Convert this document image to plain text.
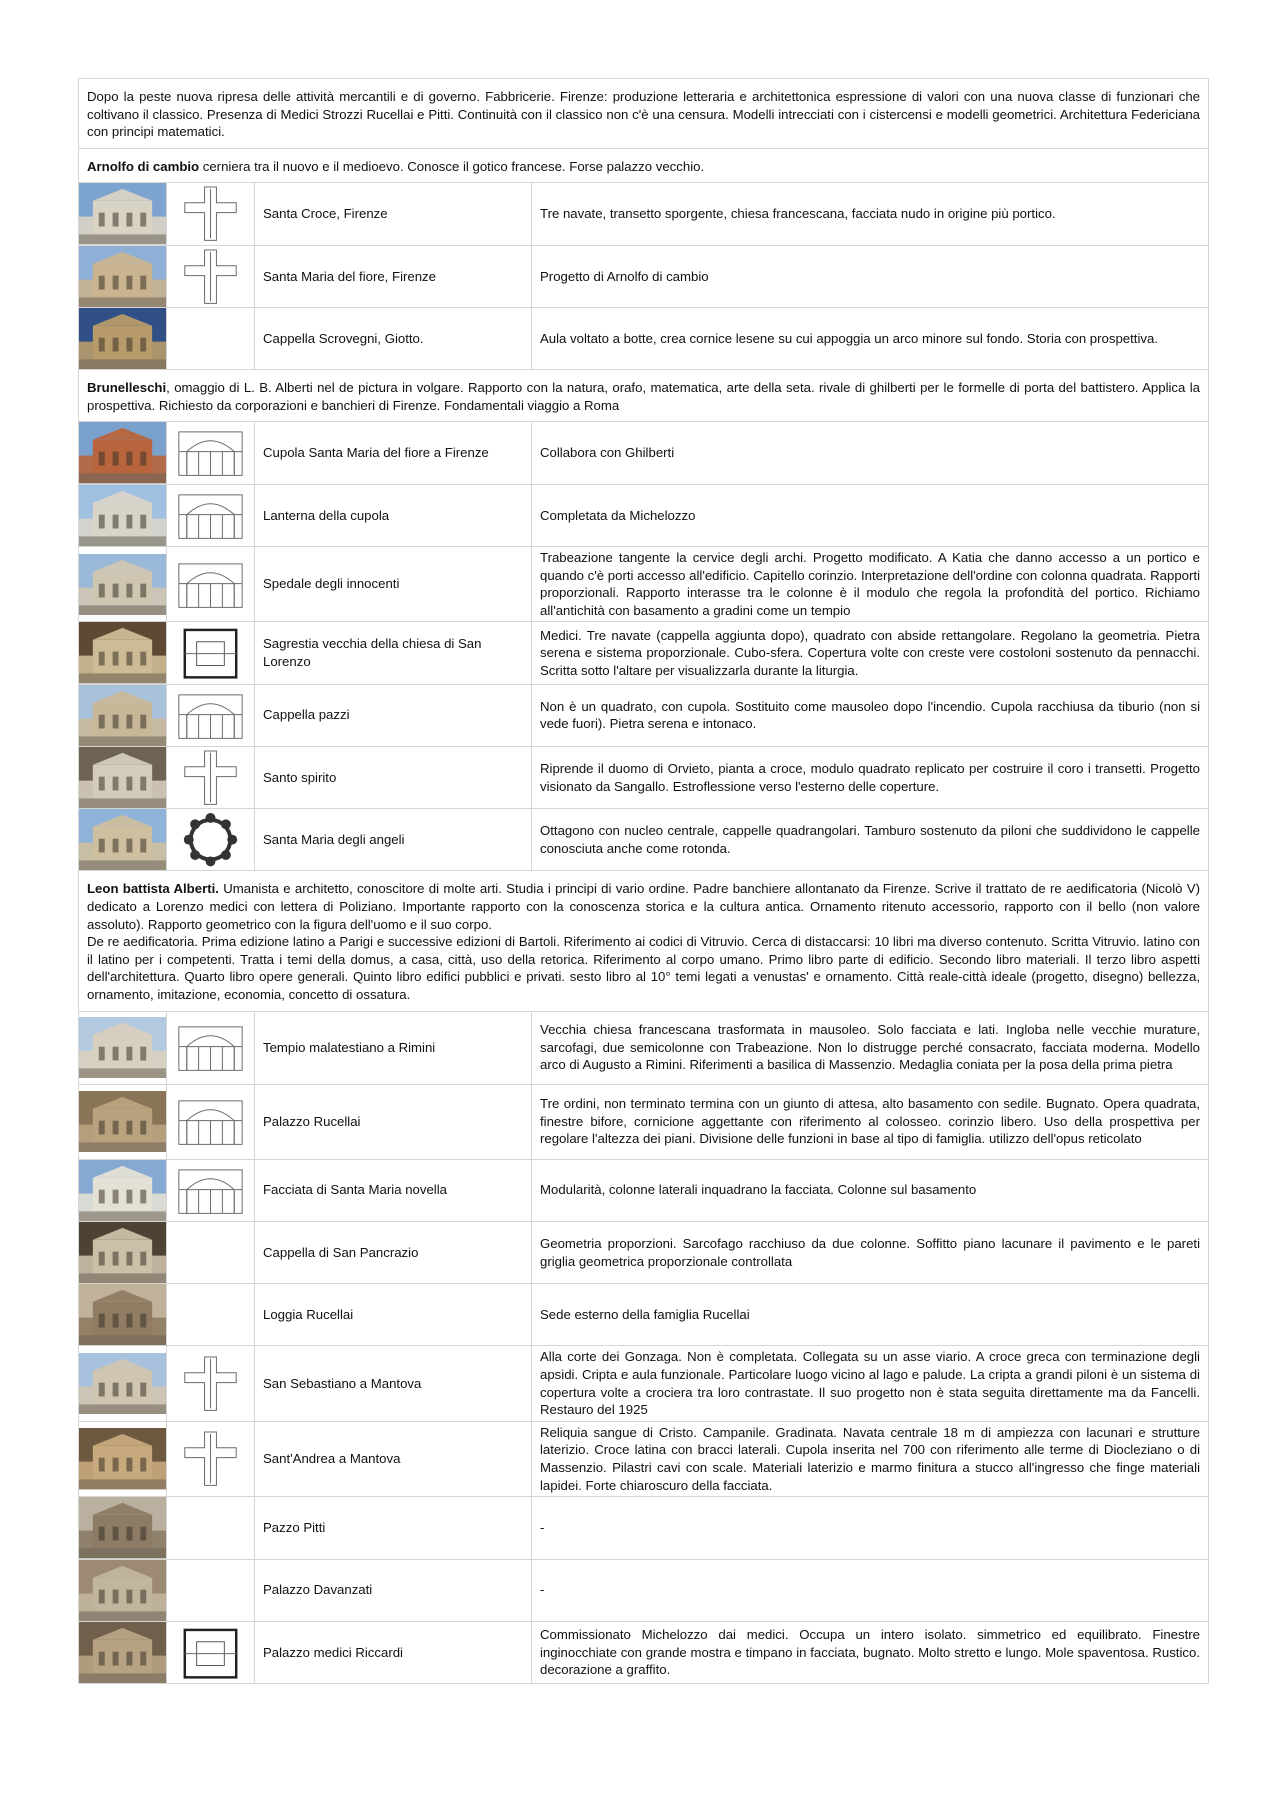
Dopo la peste nuova ripresa delle attività mercantili e di governo. Fabbricerie. Firenze: produzione letteraria e architettonica espressione di valori con una nuova classe di funzionari che coltivano il classico. Presenza di Medici Strozzi Rucellai e Pitti. Continuità con il classico non c'è una censura. Modelli intrecciati con i cistercensi e modelli geometrici. Architettura Federiciana con principi matematici.			

Arnolfo di cambio cerniera tra il nuovo e il medioevo. Conosce il gotico francese. Forse palazzo vecchio.			

	Santa Croce, Firenze	Tre navate, transetto sporgente, chiesa francescana, facciata nudo in origine più portico.

	Santa Maria del fiore, Firenze	Progetto di Arnolfo di cambio

		Cappella Scrovegni, Giotto.	Aula voltato a botte, crea cornice lesene su cui appoggia un arco minore sul fondo. Storia con prospettiva.

Brunelleschi, omaggio di L. B. Alberti nel de pictura in volgare. Rapporto con la natura, orafo, matematica, arte della seta. rivale di ghilberti per le formelle di porta del battistero. Applica la prospettiva. Richiesto da corporazioni e banchieri di Firenze. Fondamentali viaggio a Roma			

	Cupola Santa Maria del fiore a Firenze	Collabora con Ghilberti

	Lanterna della cupola	Completata da Michelozzo

	Spedale degli innocenti	Trabeazione tangente la cervice degli archi. Progetto modificato. A Katia che danno accesso a un portico e quando c'è porti accesso all'edificio. Capitello corinzio. Interpretazione dell'ordine con colonna quadrata. Rapporti proporzionali. Rapporto interasse tra le colonne è il modulo che regola la profondità del portico. Richiamo all'antichità con basamento a gradini come un tempio

	Sagrestia vecchia della chiesa di San Lorenzo	Medici. Tre navate (cappella aggiunta dopo), quadrato con abside rettangolare. Regolano la geometria. Pietra serena e sistema proporzionale. Cubo-sfera. Copertura volte con creste vere costoloni sostenuto da pennacchi. Scritta sotto l'altare per visualizzarla durante la liturgia.

	Cappella pazzi	Non è un quadrato, con cupola. Sostituito come mausoleo dopo l'incendio. Cupola racchiusa da tiburio (non si vede fuori). Pietra serena e intonaco.

	Santo spirito	Riprende il duomo di Orvieto, pianta a croce, modulo quadrato replicato per costruire il coro i transetti. Progetto visionato da Sangallo. Estroflessione verso l'esterno delle coperture.

	Santa Maria degli angeli	Ottagono con nucleo centrale, cappelle quadrangolari. Tamburo sostenuto da piloni che suddividono le cappelle conosciuta anche come rotonda.

Leon battista Alberti. Umanista e architetto, conoscitore di molte arti. Studia i principi di vario ordine. Padre banchiere allontanato da Firenze. Scrive il trattato de re aedificatoria (Nicolò V) dedicato a Lorenzo medici con lettera di Poliziano. Importante rapporto con la conoscenza storica e la cultura antica. Ornamento ritenuto accessorio, rapporto con il bello (non valore assoluto). Rapporto geometrico con la figura dell'uomo e il suo corpo.

De re aedificatoria. Prima edizione latino a Parigi e successive edizioni di Bartoli. Riferimento ai codici di Vitruvio. Cerca di distaccarsi: 10 libri ma diverso contenuto. Scritta Vitruvio. latino con il latino per i competenti. Tratta i temi della domus, a casa, città, uso della retorica. Riferimento al corpo umano. Primo libro parte di edificio. Secondo libro materiali. Il terzo libro aspetti dell'architettura. Quarto libro opere generali. Quinto libro edifici pubblici e privati. sesto libro al 10° temi legati a venustas' e ornamento. Città reale-città ideale (progetto, disegno) bellezza, ornamento, imitazione, economia, concetto di ossatura.			

	Tempio malatestiano a Rimini	Vecchia chiesa francescana trasformata in mausoleo. Solo facciata e lati. Ingloba nelle vecchie murature, sarcofagi, due semicolonne con Trabeazione. Non lo distrugge perché consacrato, facciata moderna. Modello arco di Augusto a Rimini. Riferimenti a basilica di Massenzio. Medaglia coniata per la posa della prima pietra

	Palazzo Rucellai	Tre ordini, non terminato termina con un giunto di attesa, alto basamento con sedile. Bugnato. Opera quadrata, finestre bifore, cornicione aggettante con riferimento al colosseo. corinzio libero. Uso della prospettiva per regolare l'altezza dei piani. Divisione delle funzioni in base al tipo di famiglia. utilizzo dell'opus reticolato

	Facciata di Santa Maria novella	Modularità, colonne laterali inquadrano la facciata. Colonne sul basamento

		Cappella di San Pancrazio	Geometria proporzioni. Sarcofago racchiuso da due colonne. Soffitto piano lacunare il pavimento e le pareti griglia geometrica proporzionale controllata

		Loggia Rucellai	Sede esterno della famiglia Rucellai

	San Sebastiano a Mantova	Alla corte dei Gonzaga. Non è completata. Collegata su un asse viario. A croce greca con terminazione degli apsidi. Cripta e aula funzionale. Particolare luogo vicino al lago e palude. La cripta a grandi piloni è un sistema di copertura volte a crociera tra loro contrastate. Il suo progetto non è stata seguita direttamente ma da Fancelli. Restauro del 1925

	Sant'Andrea a Mantova	Reliquia sangue di Cristo. Campanile. Gradinata. Navata centrale 18 m di ampiezza con lacunari e strutture laterizio. Croce latina con bracci laterali. Cupola inserita nel 700 con riferimento alle terme di Diocleziano o di Massenzio. Pilastri cavi con scale. Materiali laterizio e marmo finitura a stucco all'ingresso che finge materiali lapidei. Forte chiaroscuro della facciata.

		Pazzo Pitti	-

		Palazzo Davanzati	-

	Palazzo medici Riccardi	Commissionato Michelozzo dai medici. Occupa un intero isolato. simmetrico ed equilibrato. Finestre inginocchiate con grande mostra e timpano in facciata, bugnato. Molto stretto e lungo. Mole spaventosa. Rustico. decorazione a graffito.
